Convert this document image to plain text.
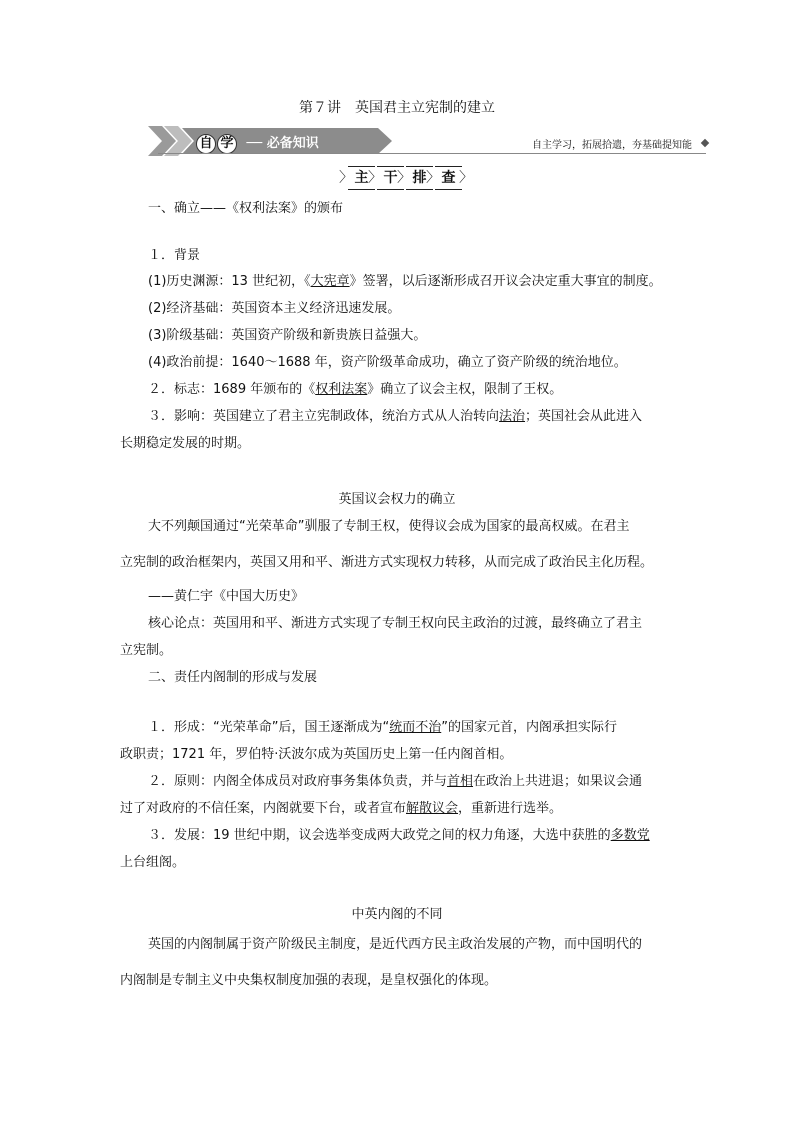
第７讲　英国君主立宪制的建立
自 学 ── 必备知识	自主学习，拓展拾遗，夯基础提知能
〉 主 〉 干 〉 排 〉 查 〉
一、确立——《权利法案》的颁布
１．背景
(1)历史渊源：13 世纪初，《大宪章》签署，以后逐渐形成召开议会决定重大事宜的制度。
(2)经济基础：英国资本主义经济迅速发展。
(3)阶级基础：英国资产阶级和新贵族日益强大。
(4)政治前提：1640～1688 年，资产阶级革命成功，确立了资产阶级的统治地位。
２．标志：1689 年颁布的《权利法案》确立了议会主权，限制了王权。
３．影响：英国建立了君主立宪制政体，统治方式从人治转向法治；英国社会从此进入
长期稳定发展的时期。
英国议会权力的确立
大不列颠国通过“光荣革命”驯服了专制王权，使得议会成为国家的最高权威。在君主
立宪制的政治框架内，英国又用和平、渐进方式实现权力转移，从而完成了政治民主化历程。
——黄仁宇《中国大历史》
核心论点：英国用和平、渐进方式实现了专制王权向民主政治的过渡，最终确立了君主
立宪制。
二、责任内阁制的形成与发展
１．形成：“光荣革命”后，国王逐渐成为“统而不治”的国家元首，内阁承担实际行
政职责；1721 年，罗伯特·沃波尔成为英国历史上第一任内阁首相。
２．原则：内阁全体成员对政府事务集体负责，并与首相在政治上共进退；如果议会通
过了对政府的不信任案，内阁就要下台，或者宣布解散议会，重新进行选举。
３．发展：19 世纪中期，议会选举变成两大政党之间的权力角逐，大选中获胜的多数党
上台组阁。
中英内阁的不同
英国的内阁制属于资产阶级民主制度，是近代西方民主政治发展的产物，而中国明代的
内阁制是专制主义中央集权制度加强的表现，是皇权强化的体现。
